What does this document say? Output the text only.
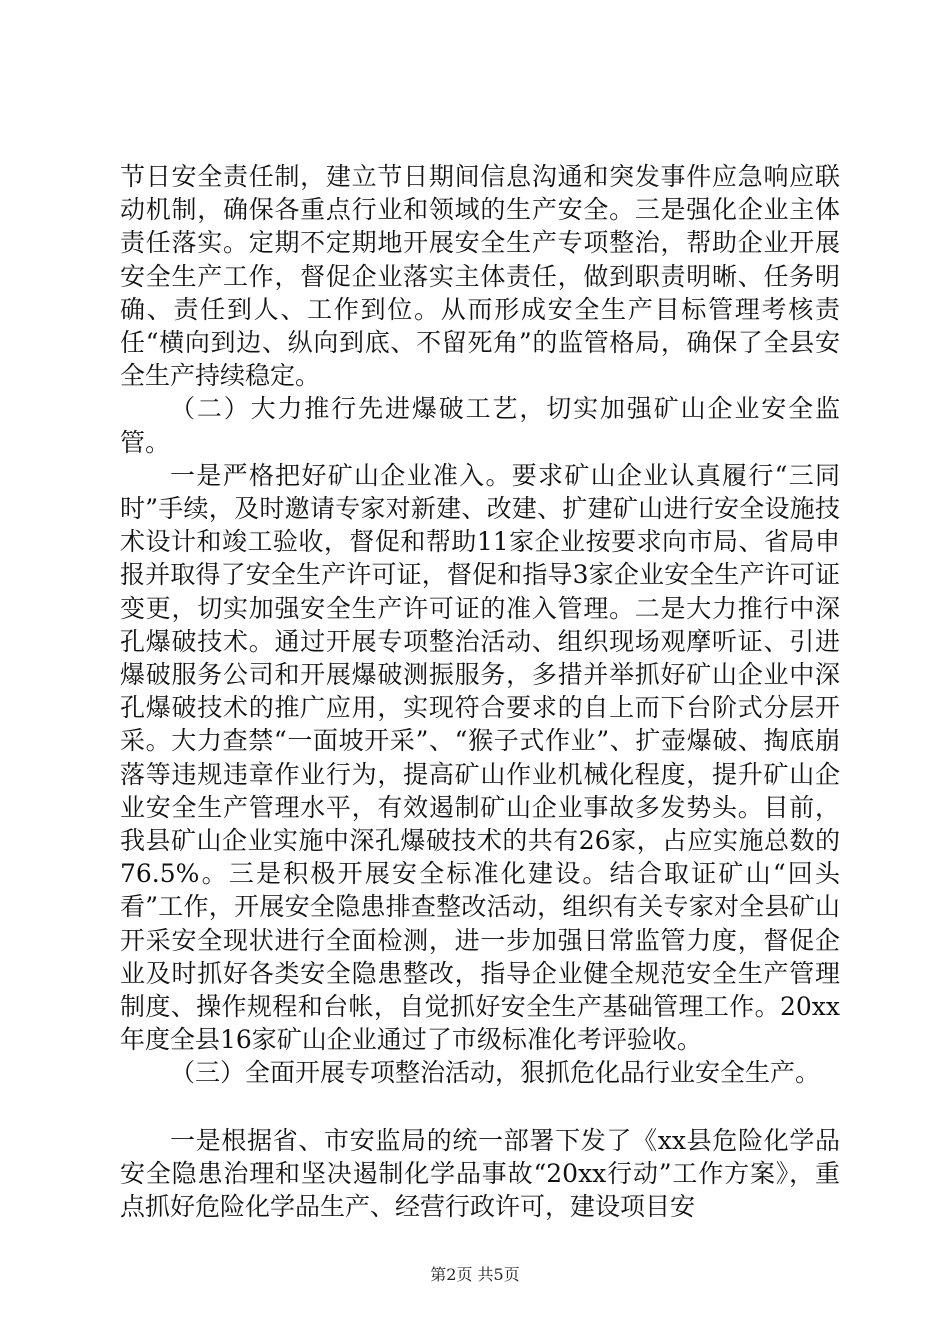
节日安全责任制，建立节日期间信息沟通和突发事件应急响应联动机制，确保各重点行业和领域的生产安全。三是强化企业主体责任落实。定期不定期地开展安全生产专项整治，帮助企业开展安全生产工作，督促企业落实主体责任，做到职责明晰、任务明确、责任到人、工作到位。从而形成安全生产目标管理考核责任“横向到边、纵向到底、不留死角”的监管格局，确保了全县安全生产持续稳定。

（二）大力推行先进爆破工艺，切实加强矿山企业安全监管。

一是严格把好矿山企业准入。要求矿山企业认真履行“三同时”手续，及时邀请专家对新建、改建、扩建矿山进行安全设施技术设计和竣工验收，督促和帮助11家企业按要求向市局、省局申报并取得了安全生产许可证，督促和指导3家企业安全生产许可证变更，切实加强安全生产许可证的准入管理。二是大力推行中深孔爆破技术。通过开展专项整治活动、组织现场观摩听证、引进爆破服务公司和开展爆破测振服务，多措并举抓好矿山企业中深孔爆破技术的推广应用，实现符合要求的自上而下台阶式分层开采。大力查禁“一面坡开采”、“猴子式作业”、扩壶爆破、掏底崩落等违规违章作业行为，提高矿山作业机械化程度，提升矿山企业安全生产管理水平，有效遏制矿山企业事故多发势头。目前，我县矿山企业实施中深孔爆破技术的共有26家，占应实施总数的76.5%。三是积极开展安全标准化建设。结合取证矿山“回头看”工作，开展安全隐患排查整改活动，组织有关专家对全县矿山开采安全现状进行全面检测，进一步加强日常监管力度，督促企业及时抓好各类安全隐患整改，指导企业健全规范安全生产管理制度、操作规程和台帐，自觉抓好安全生产基础管理工作。20xx年度全县16家矿山企业通过了市级标准化考评验收。

（三）全面开展专项整治活动，狠抓危化品行业安全生产。

一是根据省、市安监局的统一部署下发了《xx县危险化学品安全隐患治理和坚决遏制化学品事故“20xx行动”工作方案》，重点抓好危险化学品生产、经营行政许可，建设项目安

第2页 共5页
